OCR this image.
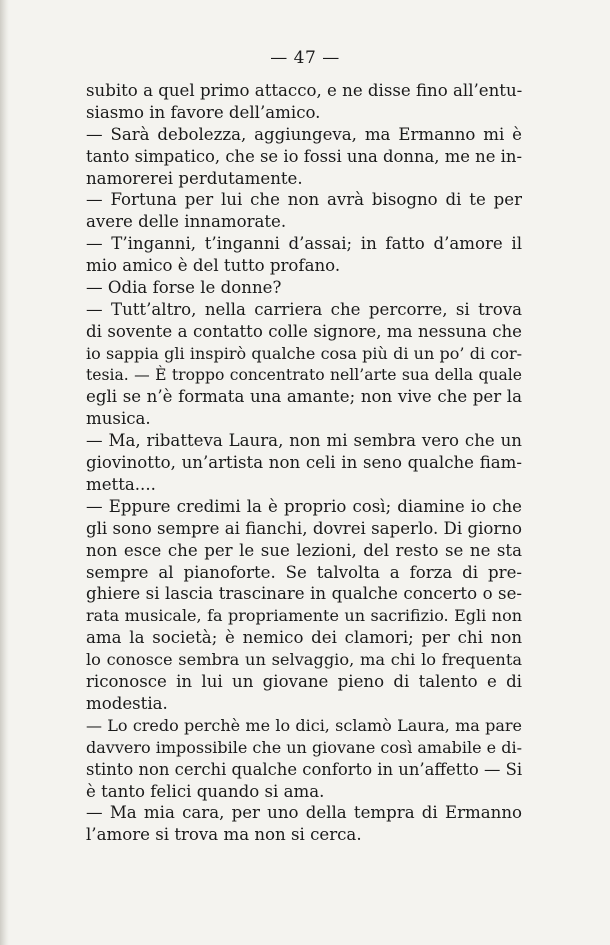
— 47 —
subito a quel primo attacco, e ne disse fino all’entu-
siasmo in favore dell’amico.
— Sarà debolezza, aggiungeva, ma Ermanno mi è
tanto simpatico, che se io fossi una donna, me ne in-
namorerei perdutamente.
— Fortuna per lui che non avrà bisogno di te per
avere delle innamorate.
— T’inganni, t’inganni d’assai; in fatto d’amore il
mio amico è del tutto profano.
— Odia forse le donne?
— Tutt’altro, nella carriera che percorre, si trova
di sovente a contatto colle signore, ma nessuna che
io sappia gli inspirò qualche cosa più di un po’ di cor-
tesia. — È troppo concentrato nell’arte sua della quale
egli se n’è formata una amante; non vive che per la
musica.
— Ma, ribatteva Laura, non mi sembra vero che un
giovinotto, un’artista non celi in seno qualche fiam-
metta....
— Eppure credimi la è proprio così; diamine io che
gli sono sempre ai fianchi, dovrei saperlo. Di giorno
non esce che per le sue lezioni, del resto se ne sta
sempre al pianoforte. Se talvolta a forza di pre-
ghiere si lascia trascinare in qualche concerto o se-
rata musicale, fa propriamente un sacrifizio. Egli non
ama la società; è nemico dei clamori; per chi non
lo conosce sembra un selvaggio, ma chi lo frequenta
riconosce in lui un giovane pieno di talento e di
modestia.
— Lo credo perchè me lo dici, sclamò Laura, ma pare
davvero impossibile che un giovane così amabile e di-
stinto non cerchi qualche conforto in un’affetto — Si
è tanto felici quando si ama.
— Ma mia cara, per uno della tempra di Ermanno
l’amore si trova ma non si cerca.
